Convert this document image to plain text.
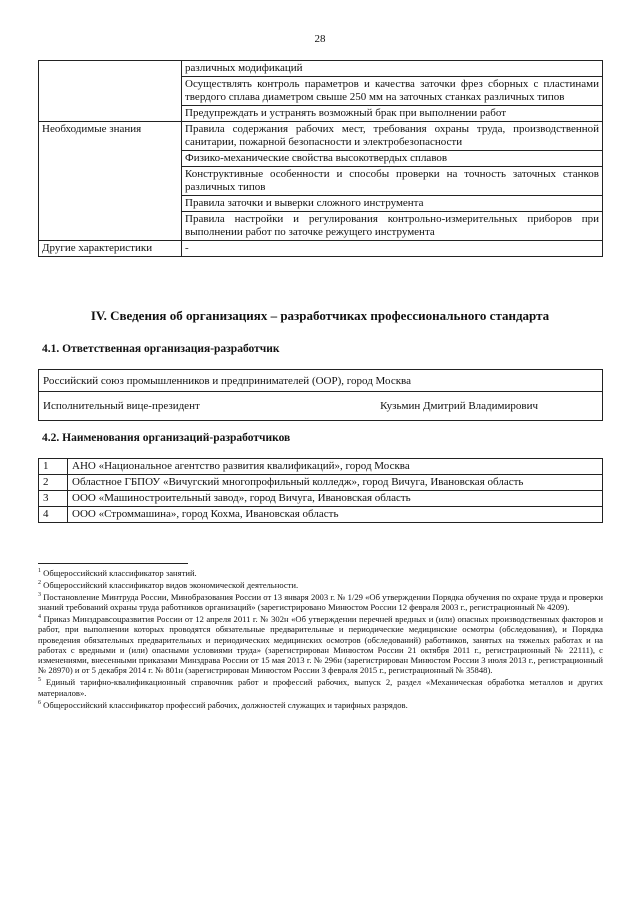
28
	различных модификаций
	Осуществлять контроль параметров и качества заточки фрез сборных с пластинами твердого сплава диаметром свыше 250 мм на заточных станках различных типов
	Предупреждать и устранять возможный брак при выполнении работ
Необходимые знания	Правила содержания рабочих мест, требования охраны труда, производственной санитарии, пожарной безопасности и электробезопасности
	Физико-механические свойства высокотвердых сплавов
	Конструктивные особенности и способы проверки на точность заточных станков различных типов
	Правила заточки и выверки сложного инструмента
	Правила настройки и регулирования контрольно-измерительных приборов при выполнении работ по заточке режущего инструмента
Другие характеристики	-
IV. Сведения об организациях – разработчиках профессионального стандарта
4.1. Ответственная организация-разработчик
Российский союз промышленников и предпринимателей (ООР), город Москва

Исполнительный вице-президент	Кузьмин Дмитрий Владимирович
4.2. Наименования организаций-разработчиков
1	АНО «Национальное агентство развития квалификаций», город Москва
2	Областное ГБПОУ «Вичугский многопрофильный колледж», город Вичуга, Ивановская область
3	ООО «Машиностроительный завод», город Вичуга, Ивановская область
4	ООО «Строммашина», город Кохма, Ивановская область
$^1$ Общероссийский классификатор занятий.
$^2$ Общероссийский классификатор видов экономической деятельности.
$^3$ Постановление Минтруда России, Минобразования России от 13 января 2003 г. № 1/29 «Об утверждении Порядка обучения по охране труда и проверки знаний требований охраны труда работников организаций» (зарегистрировано Минюстом России 12 февраля 2003 г., регистрационный № 4209).
$^4$ Приказ Минздравсоцразвития России от 12 апреля 2011 г. № 302н «Об утверждении перечней вредных и (или) опасных производственных факторов и работ, при выполнении которых проводятся обязательные предварительные и периодические медицинские осмотры (обследования), и Порядка проведения обязательных предварительных и периодических медицинских осмотров (обследований) работников, занятых на тяжелых работах и на работах с вредными и (или) опасными условиями труда» (зарегистрирован Минюстом России 21 октября 2011 г., регистрационный № 22111), с изменениями, внесенными приказами Минздрава России от 15 мая 2013 г. № 296н (зарегистрирован Минюстом России 3 июля 2013 г., регистрационный № 28970) и от 5 декабря 2014 г. № 801н (зарегистрирован Минюстом России 3 февраля 2015 г., регистрационный № 35848).
$^5$ Единый тарифно-квалификационный справочник работ и профессий рабочих, выпуск 2, раздел «Механическая обработка металлов и других материалов».
$^6$ Общероссийский классификатор профессий рабочих, должностей служащих и тарифных разрядов.
